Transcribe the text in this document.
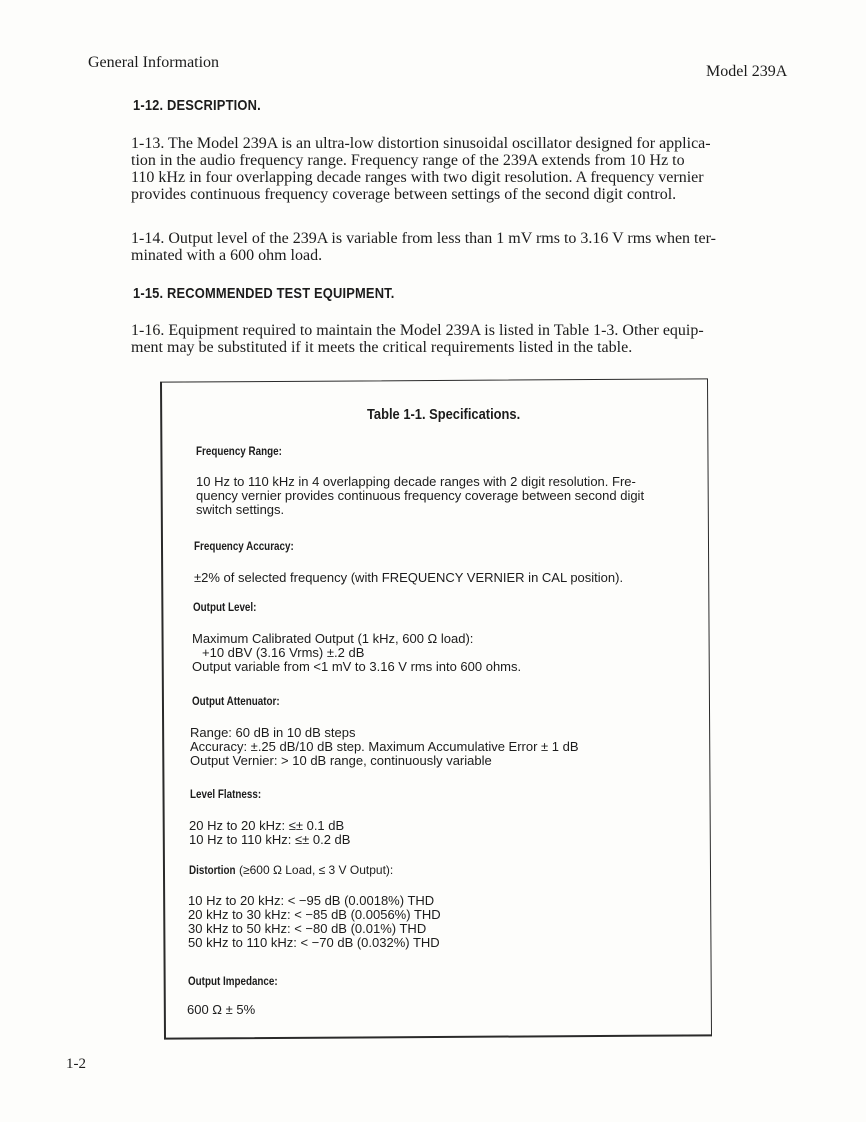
General Information
Model 239A
1-12. DESCRIPTION.
1-13. The Model 239A is an ultra-low distortion sinusoidal oscillator designed for applica-
tion in the audio frequency range. Frequency range of the 239A extends from 10 Hz to
110 kHz in four overlapping decade ranges with two digit resolution. A frequency vernier
provides continuous frequency coverage between settings of the second digit control.
1-14. Output level of the 239A is variable from less than 1 mV rms to 3.16 V rms when ter-
minated with a 600 ohm load.
1-15. RECOMMENDED TEST EQUIPMENT.
1-16. Equipment required to maintain the Model 239A is listed in Table 1-3. Other equip-
ment may be substituted if it meets the critical requirements listed in the table.
Table 1-1. Specifications.
Frequency Range:
10 Hz to 110 kHz in 4 overlapping decade ranges with 2 digit resolution. Fre-
quency vernier provides continuous frequency coverage between second digit
switch settings.
Frequency Accuracy:
±2% of selected frequency (with FREQUENCY VERNIER in CAL position).
Output Level:
Maximum Calibrated Output (1 kHz, 600 Ω load):
+10 dBV (3.16 Vrms) ±.2 dB
Output variable from <1 mV to 3.16 V rms into 600 ohms.
Output Attenuator:
Range: 60 dB in 10 dB steps
Accuracy: ±.25 dB/10 dB step. Maximum Accumulative Error ± 1 dB
Output Vernier: > 10 dB range, continuously variable
Level Flatness:
20 Hz to 20 kHz: ≤± 0.1 dB
10 Hz to 110 kHz: ≤± 0.2 dB
Distortion (≥600 Ω Load, ≤ 3 V Output):
10 Hz to 20 kHz: < −95 dB (0.0018%) THD
20 kHz to 30 kHz: < −85 dB (0.0056%) THD
30 kHz to 50 kHz: < −80 dB (0.01%) THD
50 kHz to 110 kHz: < −70 dB (0.032%) THD
Output Impedance:
600 Ω ± 5%
1-2
